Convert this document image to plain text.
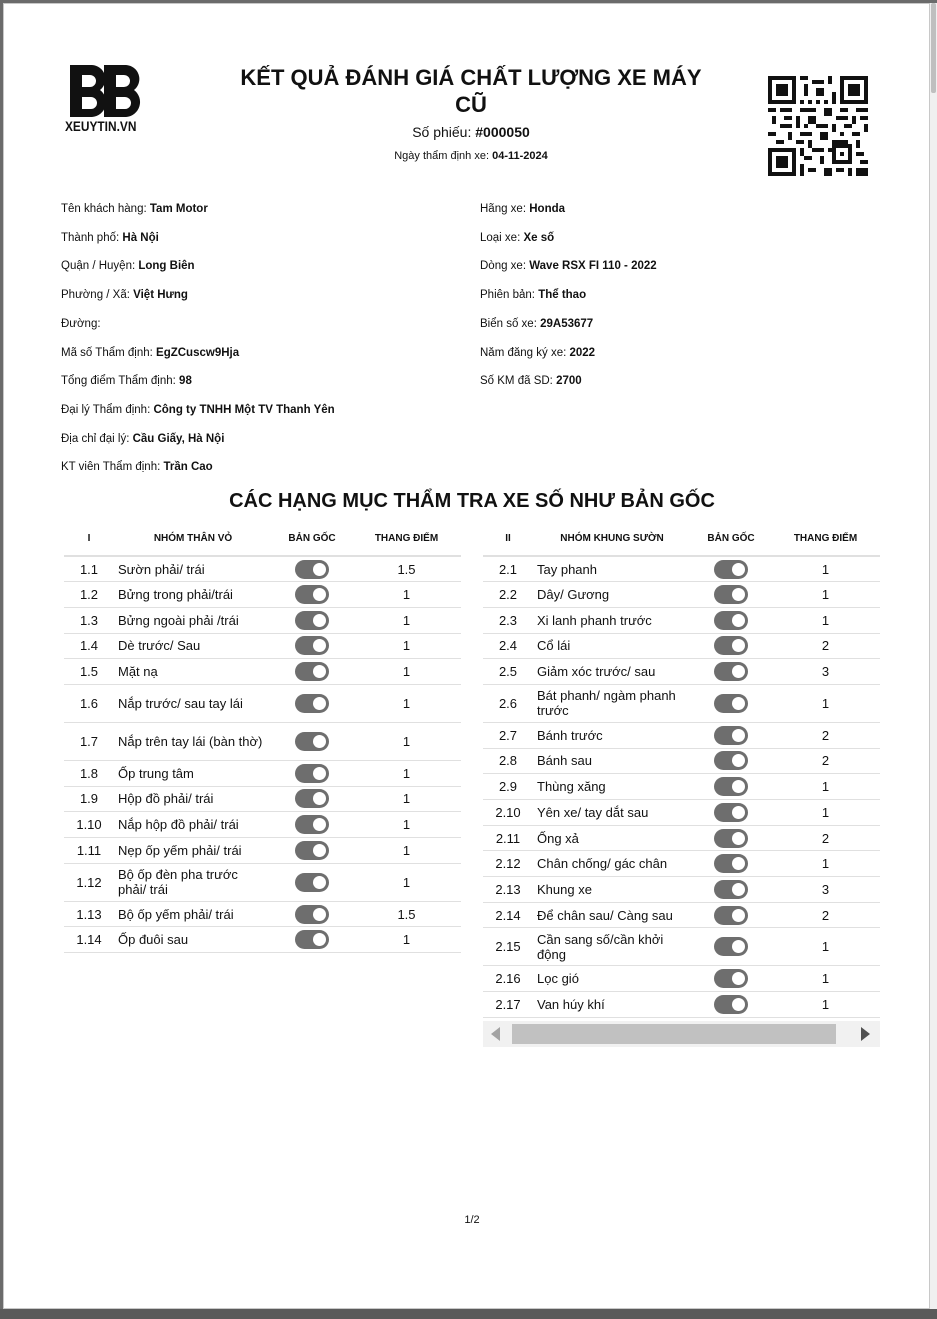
XEUYTIN.VN
KẾT QUẢ ĐÁNH GIÁ CHẤT LƯỢNG XE MÁY CŨ
Số phiếu: #000050
Ngày thẩm định xe: 04-11-2024
Tên khách hàng: Tam Motor
Thành phố: Hà Nội
Quận / Huyện: Long Biên
Phường / Xã: Việt Hưng
Đường:
Mã số Thẩm định: EgZCuscw9Hja
Tổng điểm Thẩm định: 98
Đại lý Thẩm định: Công ty TNHH Một TV Thanh Yên
Địa chỉ đại lý: Cầu Giấy, Hà Nội
KT viên Thẩm định: Trần Cao
Hãng xe: Honda
Loại xe: Xe số
Dòng xe: Wave RSX FI 110 - 2022
Phiên bản: Thể thao
Biển số xe: 29A53677
Năm đăng ký xe: 2022
Số KM đã SD: 2700
CÁC HẠNG MỤC THẨM TRA XE SỐ NHƯ BẢN GỐC
I	NHÓM THÂN VỎ	BẢN GỐC	THANG ĐIỂM
1.1	Sườn phải/ trái		1.5
1.2	Bửng trong phải/trái		1
1.3	Bửng ngoài phải /trái		1
1.4	Dè trước/ Sau		1
1.5	Mặt nạ		1
1.6	Nắp trước/ sau tay lái		1
1.7	Nắp trên tay lái (bàn thờ)		1
1.8	Ốp trung tâm		1
1.9	Hộp đồ phải/ trái		1
1.10	Nắp hộp đồ phải/ trái		1
1.11	Nẹp ốp yếm phải/ trái		1
1.12	Bộ ốp đèn pha trước phải/ trái		1
1.13	Bộ ốp yếm phải/ trái		1.5
1.14	Ốp đuôi sau		1
II	NHÓM KHUNG SƯỜN	BẢN GỐC	THANG ĐIỂM
2.1	Tay phanh		1
2.2	Dây/ Gương		1
2.3	Xi lanh phanh trước		1
2.4	Cổ lái		2
2.5	Giảm xóc trước/ sau		3
2.6	Bát phanh/ ngàm phanh trước		1
2.7	Bánh trước		2
2.8	Bánh sau		2
2.9	Thùng xăng		1
2.10	Yên xe/ tay dắt sau		1
2.11	Ống xả		2
2.12	Chân chống/ gác chân		1
2.13	Khung xe		3
2.14	Để chân sau/ Càng sau		2
2.15	Cần sang số/cần khởi động		1
2.16	Lọc gió		1
2.17	Van húy khí		1
1/2
